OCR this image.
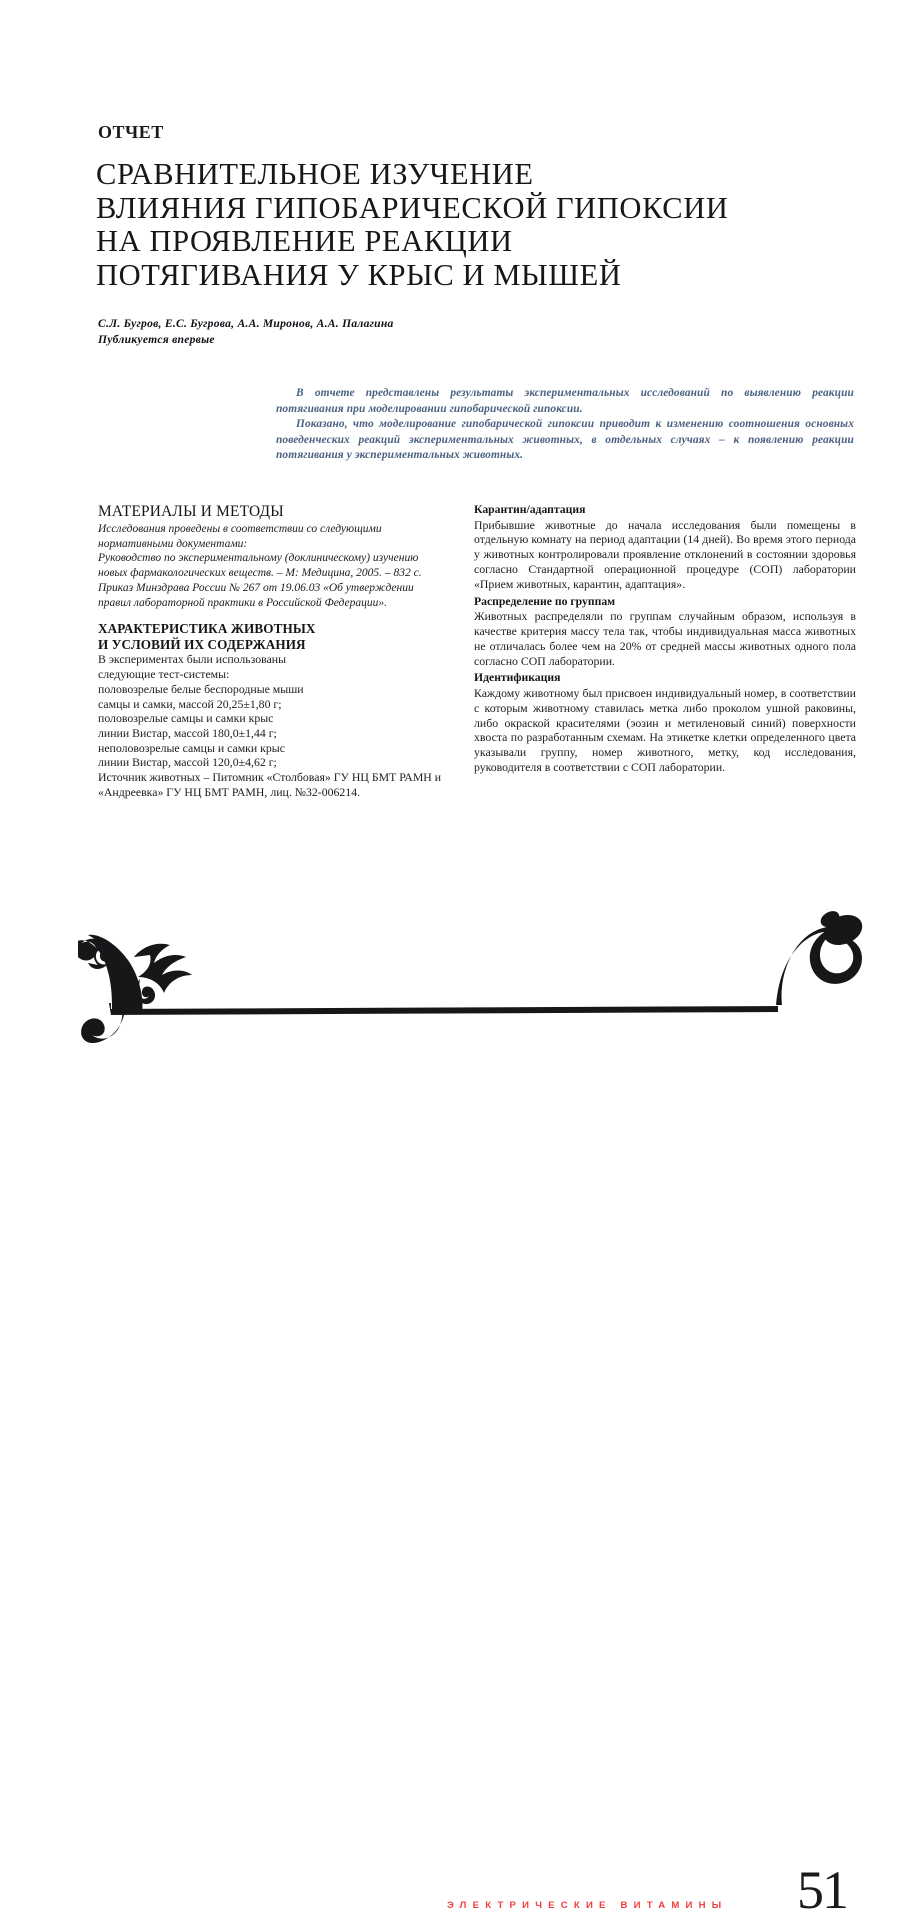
ОТЧЕТ
СРАВНИТЕЛЬНОЕ ИЗУЧЕНИЕ
ВЛИЯНИЯ ГИПОБАРИЧЕСКОЙ ГИПОКСИИ
НА ПРОЯВЛЕНИЕ РЕАКЦИИ
ПОТЯГИВАНИЯ У КРЫС И МЫШЕЙ
С.Л. Бугров, Е.С. Бугрова, А.А. Миронов, А.А. Палагина
Публикуется впервые

В отчете представлены результаты экспериментальных исследований по выявлению реакции потягивания при моделировании гипобарической гипоксии.

Показано, что моделирование гипобарической гипоксии приводит к изменению соотношения основных поведенческих реакций экспериментальных животных, в отдельных случаях – к появлению реакции потягивания у экспериментальных животных.

МАТЕРИАЛЫ И МЕТОДЫ

Исследования проведены в соответствии со следующими нормативными документами:

Руководство по экспериментальному (доклиническому) изучению новых фармакологических веществ. – М: Медицина, 2005. – 832 с.

Приказ Минздрава России № 267 от 19.06.03 «Об утверждении правил лабораторной практики в Российской Федерации».

ХАРАКТЕРИСТИКА ЖИВОТНЫХ
И УСЛОВИЙ ИХ СОДЕРЖАНИЯ

В экспериментах были использованы

следующие тест-системы:

половозрелые белые беспородные мыши

самцы и самки, массой 20,25±1,80 г;

половозрелые самцы и самки крыс

линии Вистар, массой 180,0±1,44 г;

неполовозрелые самцы и самки крыс

линии Вистар, массой 120,0±4,62 г;

Источник животных – Питомник «Столбовая» ГУ НЦ БМТ РАМН и «Андреевка» ГУ НЦ БМТ РАМН, лиц. №32-006214.

Карантин/адаптация

Прибывшие животные до начала исследования были помещены в отдельную комнату на период адаптации (14 дней). Во время этого периода у животных контролировали проявление отклонений в состоянии здоровья согласно Стандартной операционной процедуре (СОП) лаборатории «Прием животных, карантин, адаптация».

Распределение по группам

Животных распределяли по группам случайным образом, используя в качестве критерия массу тела так, чтобы индивидуальная масса животных не отличалась более чем на 20% от средней массы животных одного пола согласно СОП лаборатории.

Идентификация

Каждому животному был присвоен индивидуальный номер, в соответствии с которым животному ставилась метка либо проколом ушной раковины, либо окраской красителями (эозин и метиленовый синий) поверхности хвоста по разработанным схемам. На этикетке клетки определенного цвета указывали группу, номер животного, метку, код исследования, руководителя в соответствии с СОП лаборатории.

ЭЛЕКТРИЧЕСКИЕ ВИТАМИНЫ 51
